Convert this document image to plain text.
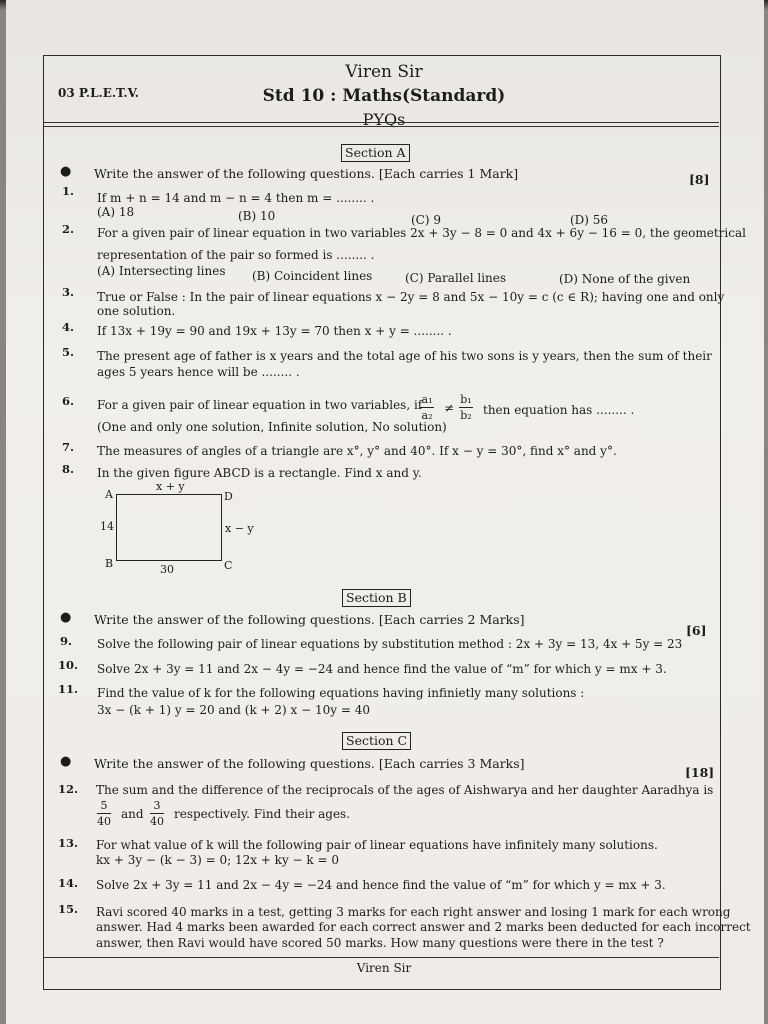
03 P.L.E.T.V.
Viren Sir
Std 10 : Maths(Standard)
PYQs
Section A
● Write the answer of the following questions. [Each carries 1 Mark]	[8]
1. If m + n = 14 and m − n = 4 then m = ........ .
(A) 18	(B) 10	(C) 9	(D) 56
2. For a given pair of linear equation in two variables 2x + 3y − 8 = 0 and 4x + 6y − 16 = 0, the geometrical
representation of the pair so formed is ........ .
(A) Intersecting lines (B) Coincident lines	(C) Parallel lines	(D) None of the given
3. True or False : In the pair of linear equations x − 2y = 8 and 5x − 10y = c (c ∈ R); having one and only
one solution.
4. If 13x + 19y = 90 and 19x + 13y = 70 then x + y = ........ .
5. The present age of father is x years and the total age of his two sons is y years, then the sum of their
ages 5 years hence will be ........ .
6. For a given pair of linear equation in two variables, if a₁
a₂
≠
b₁
b₂ then equation has ........ .
(One and only one solution, Infinite solution, No solution)
7. The measures of angles of a triangle are x°, y° and 40°. If x − y = 30°, find x° and y°.
8. In the given figure ABCD is a rectangle. Find x and y.
A	D
B	C
x + y
14	x − y
30
Section B
● Write the answer of the following questions. [Each carries 2 Marks]
[6]
9. Solve the following pair of linear equations by substitution method : 2x + 3y = 13, 4x + 5y = 23
10. Solve 2x + 3y = 11 and 2x − 4y = −24 and hence find the value of “m” for which y = mx + 3.
11. Find the value of k for the following equations having infinietly many solutions :
3x − (k + 1) y = 20 and (k + 2) x − 10y = 40
Section C
● Write the answer of the following questions. [Each carries 3 Marks]
[18]
12. The sum and the difference of the reciprocals of the ages of Aishwarya and her daughter Aaradhya is
5
40
and
3
40
respectively. Find their ages.
13. For what value of k will the following pair of linear equations have infinitely many solutions.
kx + 3y − (k − 3) = 0; 12x + ky − k = 0
14. Solve 2x + 3y = 11 and 2x − 4y = −24 and hence find the value of “m” for which y = mx + 3.
15. Ravi scored 40 marks in a test, getting 3 marks for each right answer and losing 1 mark for each wrong
answer. Had 4 marks been awarded for each correct answer and 2 marks been deducted for each incorrect
answer, then Ravi would have scored 50 marks. How many questions were there in the test ?
Viren Sir
